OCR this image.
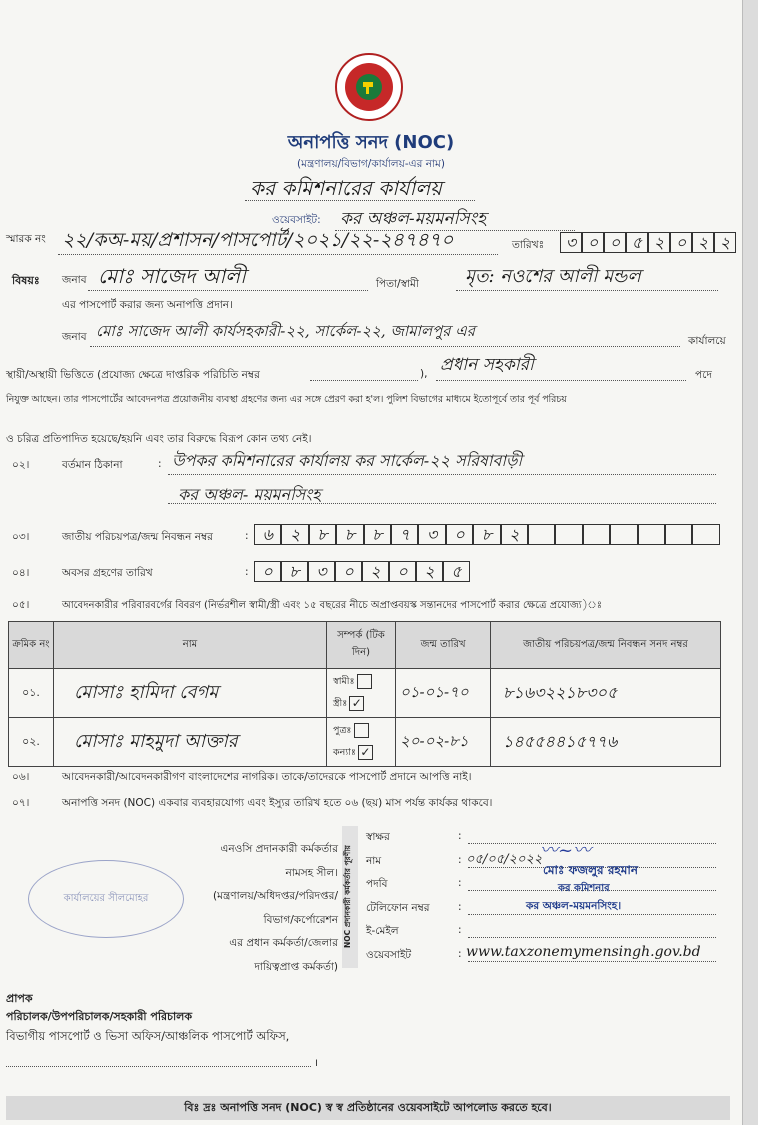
অনাপত্তি সনদ (NOC)
(মন্ত্রণালয়/বিভাগ/কার্যালয়-এর নাম)
কর কমিশনারের কার্যালয়
ওয়েবসাইট: কর অঞ্চল-ময়মনসিংহ
স্মারক নং ২২/কঅ-ময়/প্রশাসন/পাসপোর্ট/২০২১/২২-২৪৭৪৭০	তারিখঃ	৩ ০ ০ ৫ ২ ০ ২ ২
বিষয়ঃ জনাব মোঃ সাজেদ আলী	পিতা/স্বামী	মৃত: নওশের আলী মন্ডল
এর পাসপোর্ট করার জন্য অনাপত্তি প্রদান।
জনাব মোঃ সাজেদ আলী কার্যসহকারী-২২, সার্কেল-২২, জামালপুর এর
কার্যালয়ে
স্থায়ী/অস্থায়ী ভিত্তিতে (প্রযোজ্য ক্ষেত্রে দাপ্তরিক পরিচিতি নম্বর	), প্রধান সহকারী	পদে
নিযুক্ত আছেন। তার পাসপোর্টের আবেদনপত্র প্রয়োজনীয় ব্যবস্থা গ্রহণের জন্য এর সঙ্গে প্রেরণ করা হ'ল। পুলিশ বিভাগের মাধ্যমে ইতোপূর্বে তার পূর্ব পরিচয়
ও চরিত্র প্রতিপাদিত হয়েছে/হয়নি এবং তার বিরুদ্ধে বিরূপ কোন তথ্য নেই।
০২।	বর্তমান ঠিকানা	: উপকর কমিশনারের কার্যালয় কর সার্কেল-২২ সরিষাবাড়ী
কর অঞ্চল- ময়মনসিংহ
০৩।	জাতীয় পরিচয়পত্র/জন্ম নিবন্ধন নম্বর	: ৬	২	৮	৮	৮	৭	৩	০	৮	২
০৪।	অবসর গ্রহণের তারিখ	: ০	৮	৩	০	২	০	২	৫
০৫।	আবেদনকারীর পরিবারবর্গের বিবরণ (নির্ভরশীল স্বামী/স্ত্রী এবং ১৫ বছরের নীচে অপ্রাপ্তবয়স্ক সন্তানদের পাসপোর্ট করার ক্ষেত্রে প্রযোজ্য)ঃ
ক্রমিক নং	নাম	সম্পর্ক (টিক দিন)	জন্ম তারিখ	জাতীয় পরিচয়পত্র/জন্ম নিবন্ধন সনদ নম্বর
০১.	মোসাঃ হামিদা বেগম	স্বামীঃ
স্ত্রীঃ ✓	০১-০১-৭০	৮১৬৩২২১৮৩০৫
০২.	মোসাঃ মাহমুদা আক্তার	পুত্রঃ
কন্যাঃ ✓	২০-০২-৮১	১৪৫৫৪৪১৫৭৭৬
০৬।	আবেদনকারী/আবেদনকারীগণ বাংলাদেশের নাগরিক। তাকে/তাদেরকে পাসপোর্ট প্রদানে আপত্তি নাই।
০৭।	অনাপত্তি সনদ (NOC) একবার ব্যবহারযোগ্য এবং ইস্যুর তারিখ হতে ০৬ (ছয়) মাস পর্যন্ত কার্যকর থাকবে।
এনওসি প্রদানকারী কর্মকর্তার
নামসহ সীল।
(মন্ত্রণালয়/অধিদপ্তর/পরিদপ্তর/
বিভাগ/কর্পোরেশন
এর প্রধান কর্মকর্তা/জেলার
দায়িত্বপ্রাপ্ত কর্মকর্তা)
কার্যালয়ের সীলমোহর	NOC প্রদানকারী কর্মকর্তার পূরণীয়
স্বাক্ষর	:
নাম	: ০৫/০৫/২০২২
পদবি	:
টেলিফোন নম্বর	:
ই-মেইল	:
ওয়েবসাইট	: www.taxzonemymensingh.gov.bd
〰~〰
মোঃ ফজলুর রহমান
কর কমিশনার
কর অঞ্চল-ময়মনসিংহ।
প্রাপক
পরিচালক/উপপরিচালক/সহকারী পরিচালক
বিভাগীয় পাসপোর্ট ও ভিসা অফিস/আঞ্চলিক পাসপোর্ট অফিস,
।
বিঃ দ্রঃ অনাপত্তি সনদ (NOC) স্ব স্ব প্রতিষ্ঠানের ওয়েবসাইটে আপলোড করতে হবে।
